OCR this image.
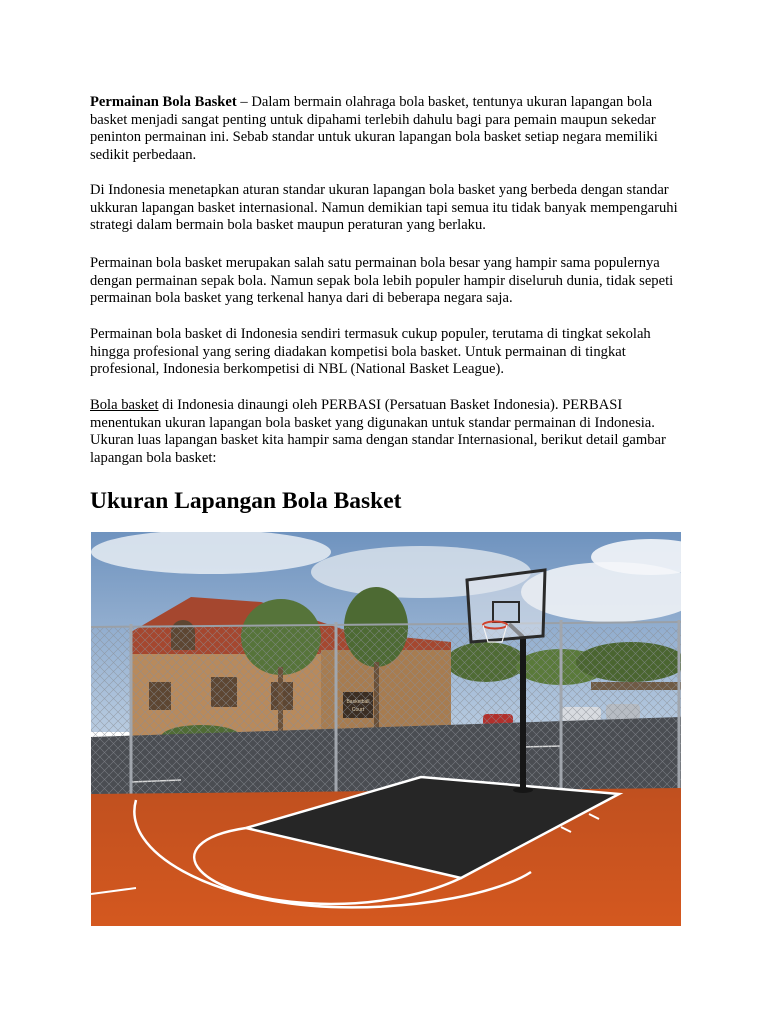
Permainan Bola Basket – Dalam bermain olahraga bola basket, tentunya ukuran lapangan bola basket menjadi sangat penting untuk dipahami terlebih dahulu bagi para pemain maupun sekedar peninton permainan ini. Sebab standar untuk ukuran lapangan bola basket setiap negara memiliki sedikit perbedaan.

Di Indonesia menetapkan aturan standar ukuran lapangan bola basket yang berbeda dengan standar ukkuran lapangan basket internasional. Namun demikian tapi semua itu tidak banyak mempengaruhi strategi dalam bermain bola basket maupun peraturan yang berlaku.

Permainan bola basket merupakan salah satu permainan bola besar yang hampir sama populernya dengan permainan sepak bola. Namun sepak bola lebih populer hampir diseluruh dunia, tidak sepeti permainan bola basket yang terkenal hanya dari di beberapa negara saja.

Permainan bola basket di Indonesia sendiri termasuk cukup populer, terutama di tingkat sekolah hingga profesional yang sering diadakan kompetisi bola basket. Untuk permainan di tingkat profesional, Indonesia berkompetisi di NBL (National Basket League).

Bola basket di Indonesia dinaungi oleh PERBASI (Persatuan Basket Indonesia). PERBASI menentukan ukuran lapangan bola basket yang digunakan untuk standar permainan di Indonesia. Ukuran luas lapangan basket kita hampir sama dengan standar Internasional, berikut detail gambar lapangan bola basket:

Ukuran Lapangan Bola Basket
